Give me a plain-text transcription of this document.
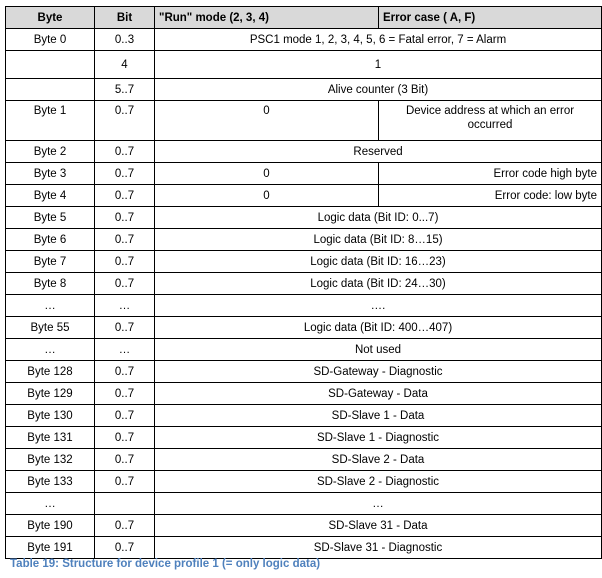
Byte	Bit	"Run" mode (2, 3, 4)	Error case ( A, F)
Byte 0	0..3	PSC1 mode 1, 2, 3, 4, 5, 6 = Fatal error, 7 = Alarm	
	4	1	
	5..7	Alive counter (3 Bit)	
Byte 1	0..7	0	Device address at which an error occurred
Byte 2	0..7	Reserved	
Byte 3	0..7	0	Error code high byte
Byte 4	0..7	0	Error code: low byte
Byte 5	0..7	Logic data (Bit ID: 0...7)	
Byte 6	0..7	Logic data (Bit ID: 8…15)	
Byte 7	0..7	Logic data (Bit ID: 16…23)	
Byte 8	0..7	Logic data (Bit ID: 24…30)	
…	…	….	
Byte 55	0..7	Logic data (Bit ID: 400…407)	
…	…	Not used	
Byte 128	0..7	SD-Gateway - Diagnostic	
Byte 129	0..7	SD-Gateway - Data	
Byte 130	0..7	SD-Slave 1 - Data	
Byte 131	0..7	SD-Slave 1 - Diagnostic	
Byte 132	0..7	SD-Slave 2 - Data	
Byte 133	0..7	SD-Slave 2 - Diagnostic	
…		…	
Byte 190	0..7	SD-Slave 31 - Data	
Byte 191	0..7	SD-Slave 31 - Diagnostic	
Table 19: Structure for device profile 1 (= only logic data)
